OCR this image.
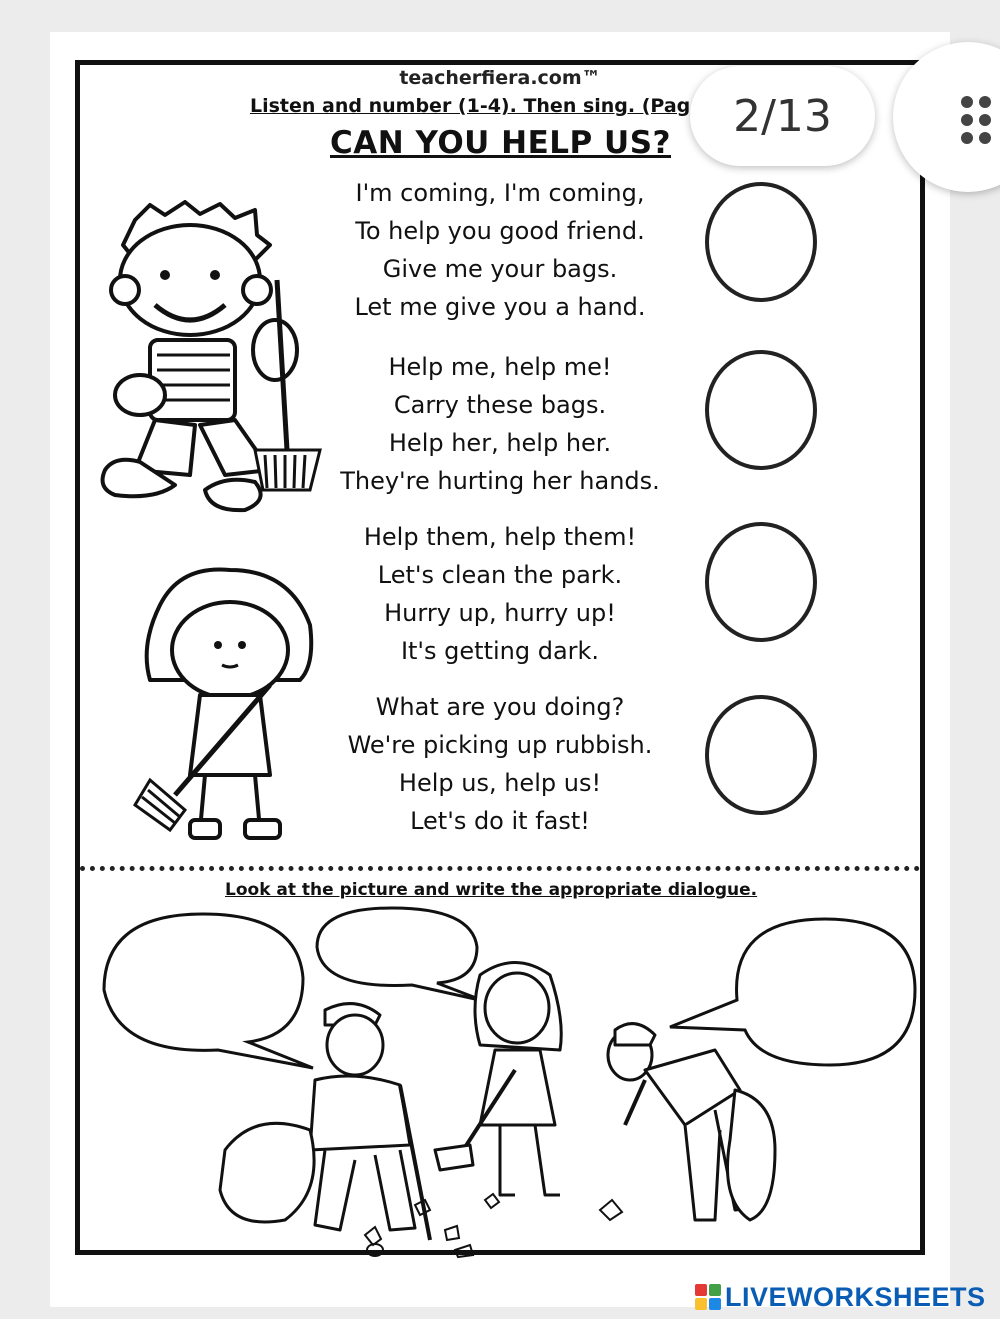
teacherfiera.com™
Listen and number (1-4). Then sing. (Pag
CAN YOU HELP US?
I'm coming, I'm coming,
To help you good friend.
Give me your bags.
Let me give you a hand.
Help me, help me!
Carry these bags.
Help her, help her.
They're hurting her hands.
Help them, help them!
Let's clean the park.
Hurry up, hurry up!
It's getting dark.
What are you doing?
We're picking up rubbish.
Help us, help us!
Let's do it fast!
Look at the picture and write the appropriate dialogue.
2/13
LIVEWORKSHEETS
